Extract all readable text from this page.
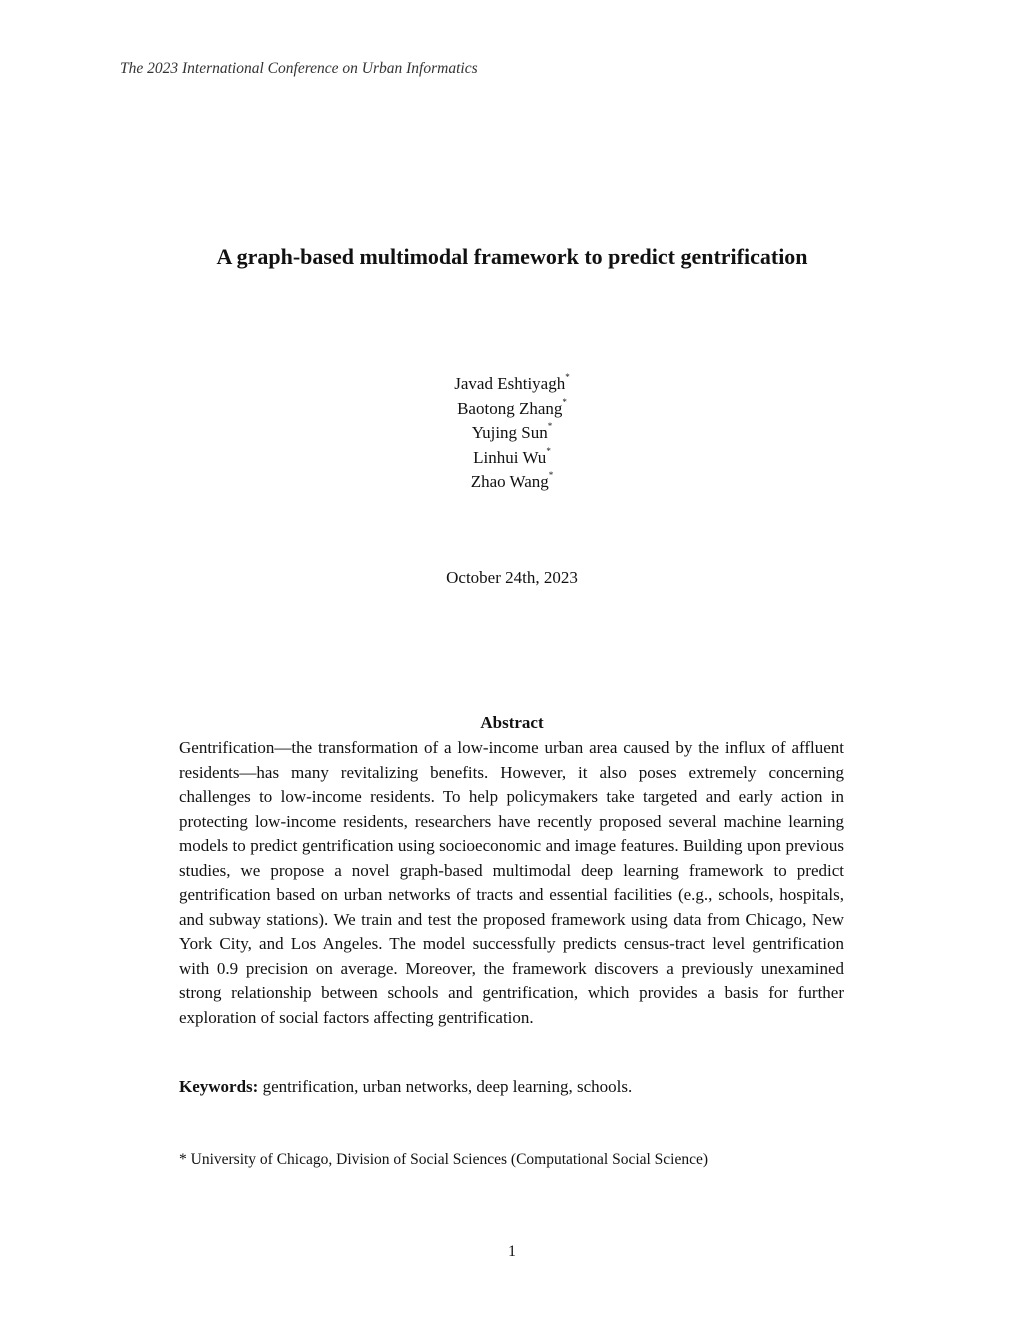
The 2023 International Conference on Urban Informatics
A graph-based multimodal framework to predict gentrification
Javad Eshtiyagh*
Baotong Zhang*
Yujing Sun*
Linhui Wu*
Zhao Wang*
October 24th, 2023
Abstract

Gentrification—the transformation of a low-income urban area caused by the influx of affluent residents—has many revitalizing benefits. However, it also poses extremely concerning challenges to low-income residents. To help policymakers take targeted and early action in protecting low-income residents, researchers have recently proposed several machine learning models to predict gentrification using socioeconomic and image features. Building upon previous studies, we propose a novel graph-based multimodal deep learning framework to predict gentrification based on urban networks of tracts and essential facilities (e.g., schools, hospitals, and subway stations). We train and test the proposed framework using data from Chicago, New York City, and Los Angeles. The model successfully predicts census-tract level gentrification with 0.9 precision on average. Moreover, the framework discovers a previously unexamined strong relationship between schools and gentrification, which provides a basis for further exploration of social factors affecting gentrification.

Keywords: gentrification, urban networks, deep learning, schools.
* University of Chicago, Division of Social Sciences (Computational Social Science)
1
